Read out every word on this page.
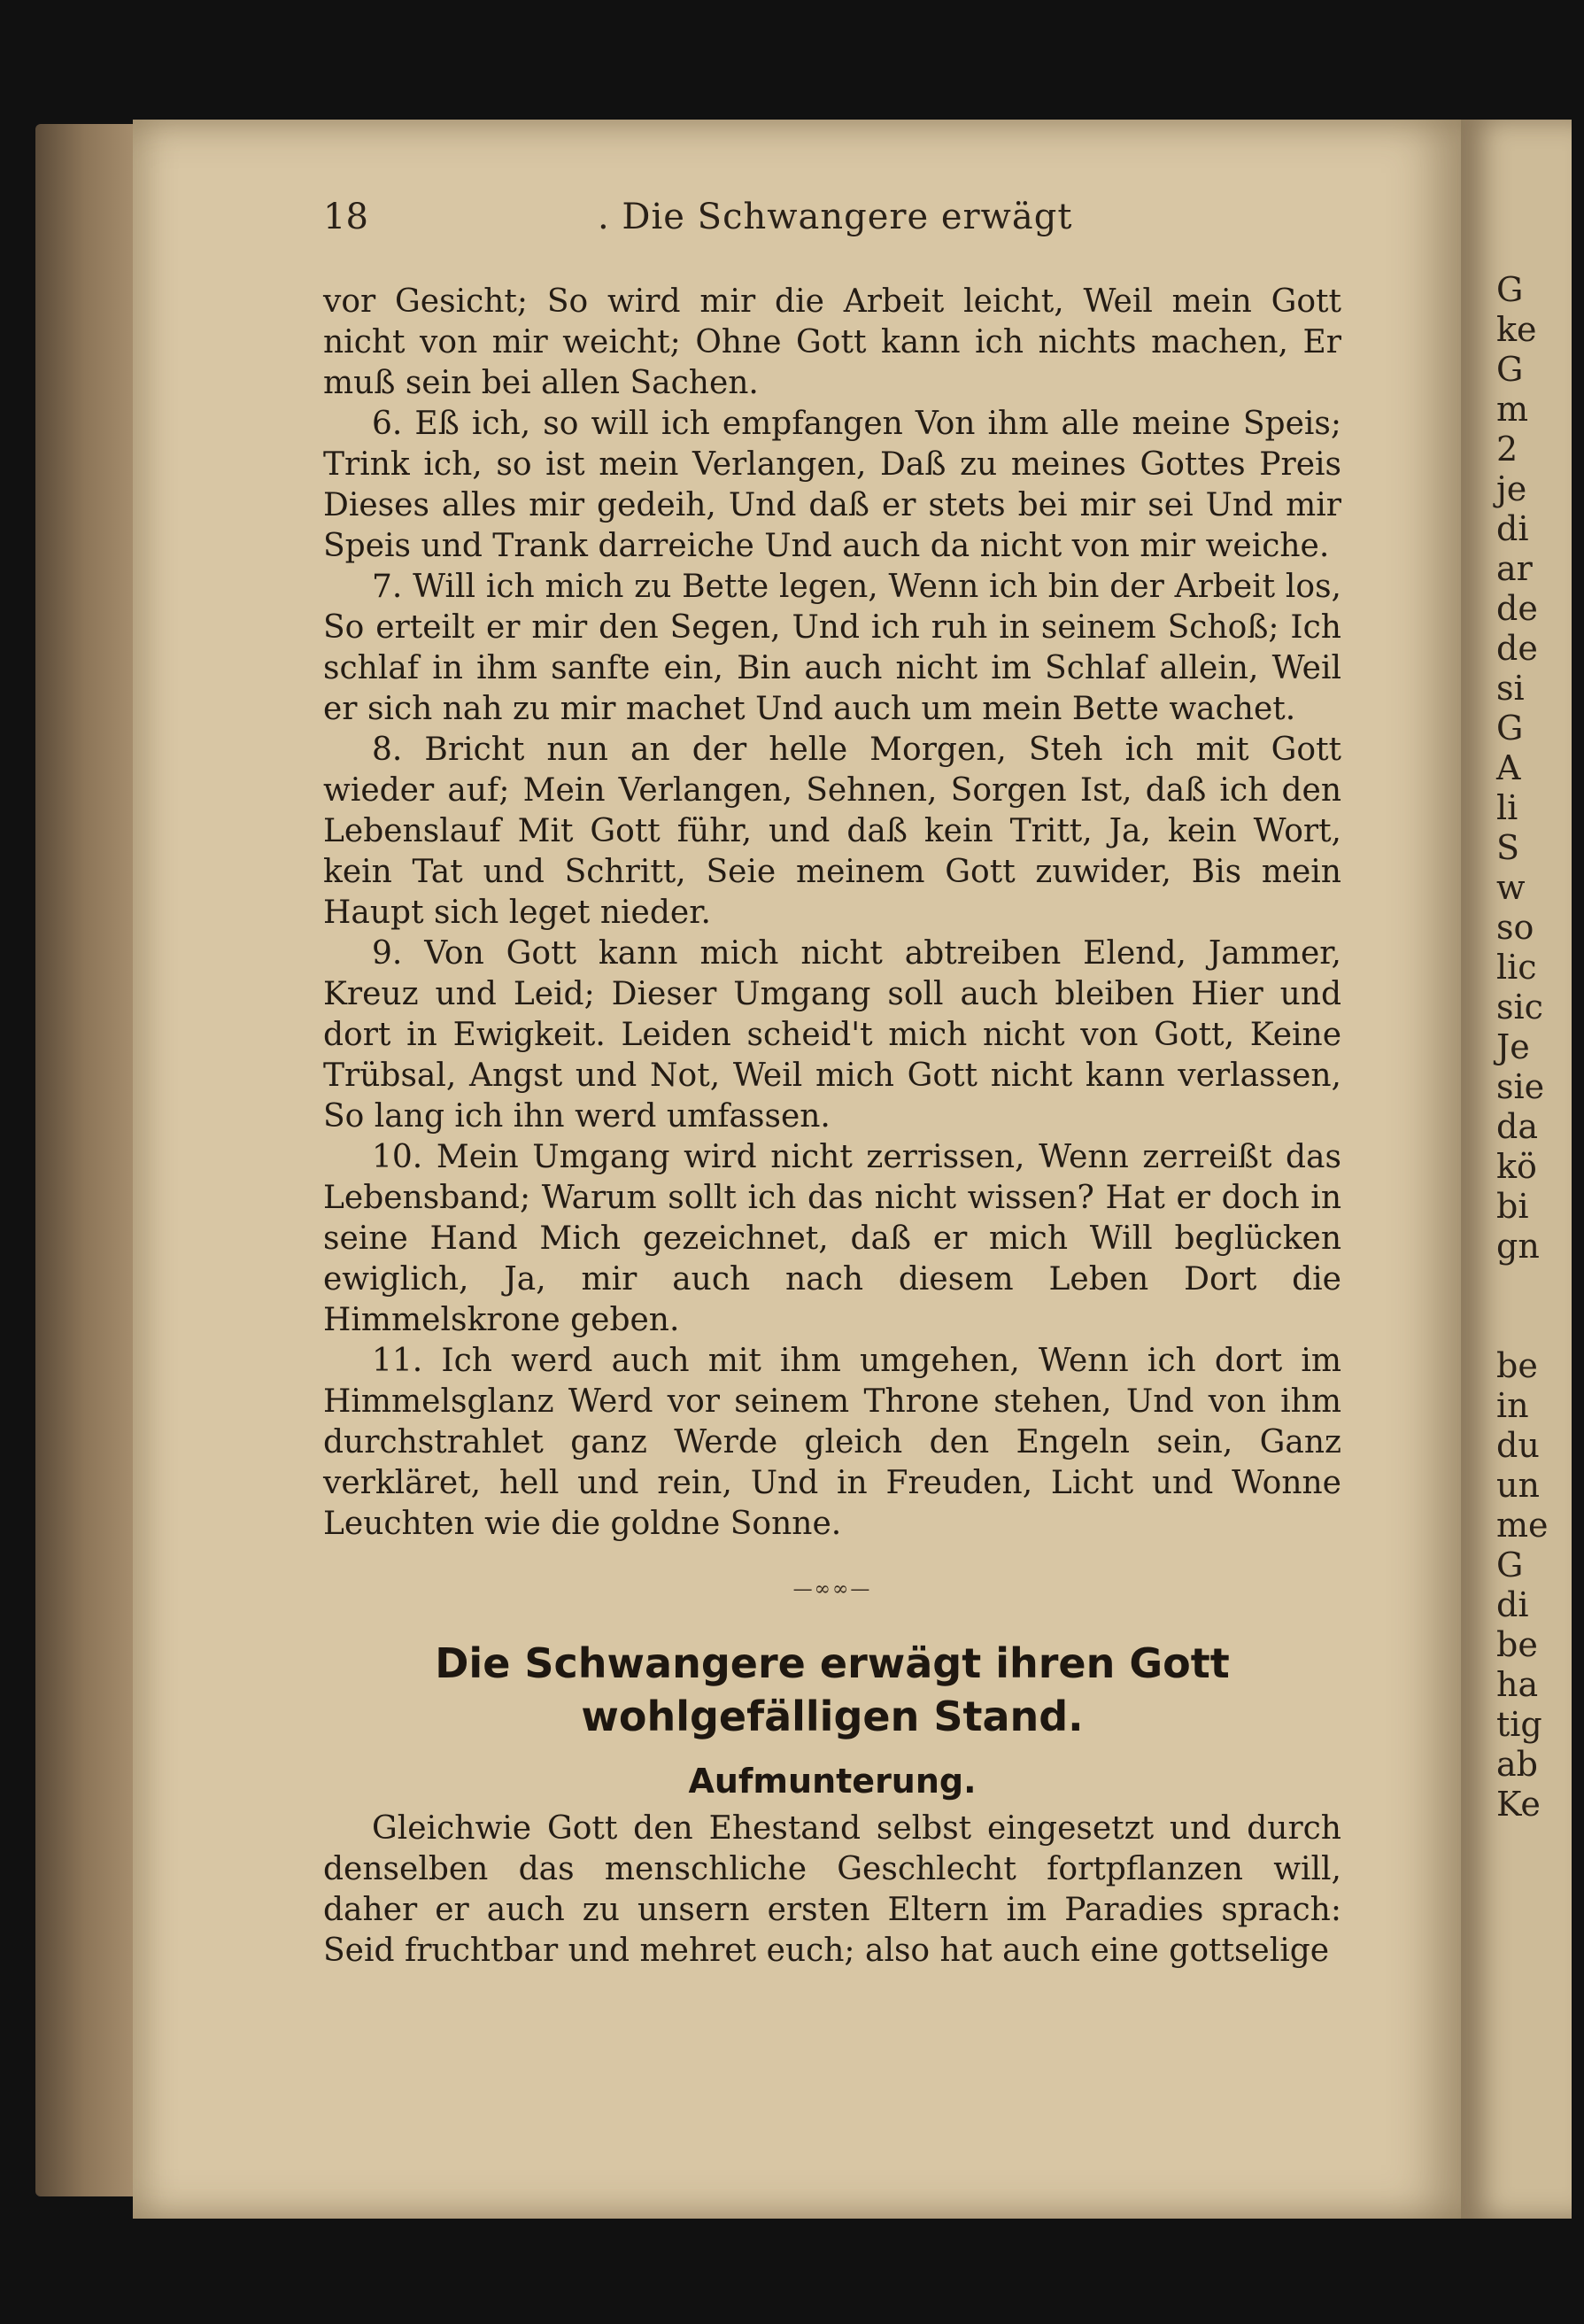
G
ke
G
m
2
je
di
ar
de
de
si
G
A
li
S
w
so
lic
sic
Je
sie
da
kö
bi
gn
be
in
du
un
me
G
di
be
ha
tig
ab
Ke
18	. Die Schwangere erwägt

vor Gesicht; So wird mir die Arbeit leicht, Weil mein Gott nicht von mir weicht; Ohne Gott kann ich nichts machen, Er muß sein bei allen Sachen.

6. Eß ich, so will ich empfangen Von ihm alle meine Speis; Trink ich, so ist mein Verlangen, Daß zu meines Gottes Preis Dieses alles mir gedeih, Und daß er stets bei mir sei Und mir Speis und Trank darreiche Und auch da nicht von mir weiche.

7. Will ich mich zu Bette legen, Wenn ich bin der Arbeit los, So erteilt er mir den Segen, Und ich ruh in seinem Schoß; Ich schlaf in ihm sanfte ein, Bin auch nicht im Schlaf allein, Weil er sich nah zu mir machet Und auch um mein Bette wachet.

8. Bricht nun an der helle Morgen, Steh ich mit Gott wieder auf; Mein Verlangen, Sehnen, Sorgen Ist, daß ich den Lebenslauf Mit Gott führ, und daß kein Tritt, Ja, kein Wort, kein Tat und Schritt, Seie meinem Gott zuwider, Bis mein Haupt sich leget nieder.

9. Von Gott kann mich nicht abtreiben Elend, Jammer, Kreuz und Leid; Dieser Umgang soll auch bleiben Hier und dort in Ewigkeit. Leiden scheid't mich nicht von Gott, Keine Trübsal, Angst und Not, Weil mich Gott nicht kann verlassen, So lang ich ihn werd umfassen.

10. Mein Umgang wird nicht zerrissen, Wenn zerreißt das Lebensband; Warum sollt ich das nicht wissen? Hat er doch in seine Hand Mich gezeichnet, daß er mich Will beglücken ewiglich, Ja, mir auch nach diesem Leben Dort die Himmelskrone geben.

11. Ich werd auch mit ihm umgehen, Wenn ich dort im Himmelsglanz Werd vor seinem Throne stehen, Und von ihm durchstrahlet ganz Werde gleich den Engeln sein, Ganz verkläret, hell und rein, Und in Freuden, Licht und Wonne Leuchten wie die goldne Sonne.

—∞∞—
Die Schwangere erwägt ihren Gott wohlgefälligen Stand.
Aufmunterung.

Gleichwie Gott den Ehestand selbst eingesetzt und durch denselben das menschliche Geschlecht fortpflanzen will, daher er auch zu unsern ersten Eltern im Paradies sprach: Seid fruchtbar und mehret euch; also hat auch eine gottselige
